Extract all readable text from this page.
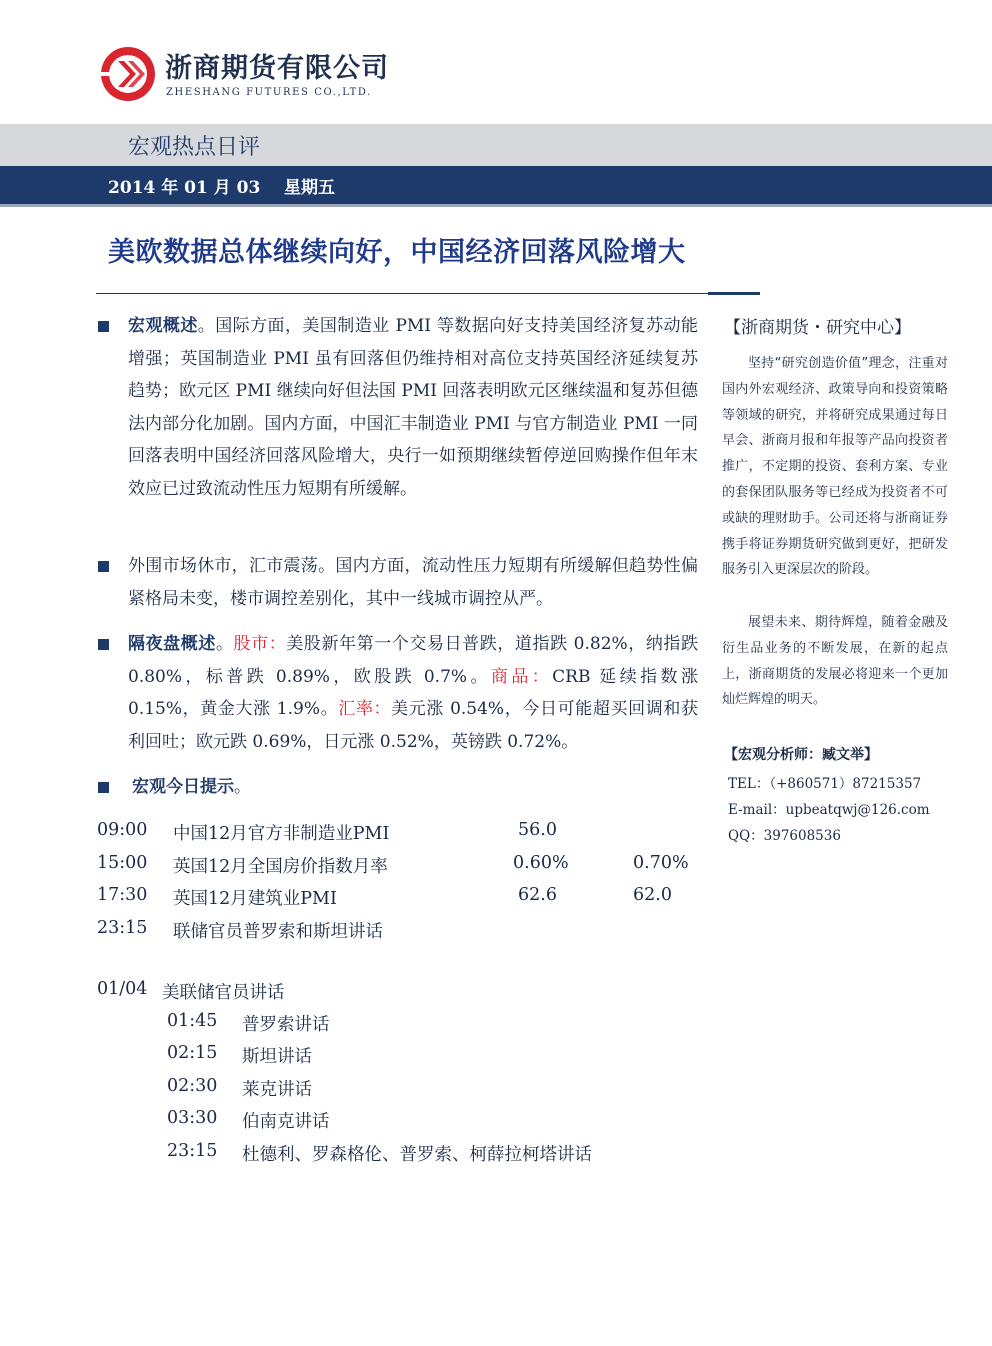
浙商期货有限公司
ZHESHANG FUTURES CO.,LTD.
宏观热点日评
2014 年 01 月 03    星期五
美欧数据总体继续向好，中国经济回落风险增大
宏观概述。国际方面，美国制造业 PMI 等数据向好支持美国经济复苏动能增强；英国制造业 PMI 虽有回落但仍维持相对高位支持英国经济延续复苏趋势；欧元区 PMI 继续向好但法国 PMI 回落表明欧元区继续温和复苏但德法内部分化加剧。国内方面，中国汇丰制造业 PMI 与官方制造业 PMI 一同回落表明中国经济回落风险增大，央行一如预期继续暂停逆回购操作但年末效应已过致流动性压力短期有所缓解。
外围市场休市，汇市震荡。国内方面，流动性压力短期有所缓解但趋势性偏紧格局未变，楼市调控差别化，其中一线城市调控从严。
隔夜盘概述。股市：美股新年第一个交易日普跌，道指跌 0.82%，纳指跌 0.80%，标普跌 0.89%，欧股跌 0.7%。商品：CRB 延续指数涨 0.15%，黄金大涨 1.9%。汇率：美元涨 0.54%，今日可能超买回调和获利回吐；欧元跌 0.69%，日元涨 0.52%，英镑跌 0.72%。
宏观今日提示。
09:00 中国12月官方非制造业PMI	56.0
15:00 英国12月全国房价指数月率	0.60%	0.70%
17:30 英国12月建筑业PMI	62.6	62.0
23:15 联储官员普罗索和斯坦讲话
01/04 美联储官员讲话
01:45 普罗索讲话
02:15 斯坦讲话
02:30 莱克讲话
03:30 伯南克讲话
23:15 杜德利、罗森格伦、普罗索、柯薛拉柯塔讲话
【浙商期货・研究中心】
坚持“研究创造价值”理念，注重对国内外宏观经济、政策导向和投资策略等领域的研究，并将研究成果通过每日早会、浙商月报和年报等产品向投资者推广，不定期的投资、套利方案、专业的套保团队服务等已经成为投资者不可或缺的理财助手。公司还将与浙商证券携手将证券期货研究做到更好，把研发服务引入更深层次的阶段。
展望未来、期待辉煌，随着金融及衍生品业务的不断发展，在新的起点上，浙商期货的发展必将迎来一个更加灿烂辉煌的明天。
【宏观分析师：臧文举】
TEL：（+860571）87215357
E-mail：upbeatqwj@126.com
QQ：397608536
